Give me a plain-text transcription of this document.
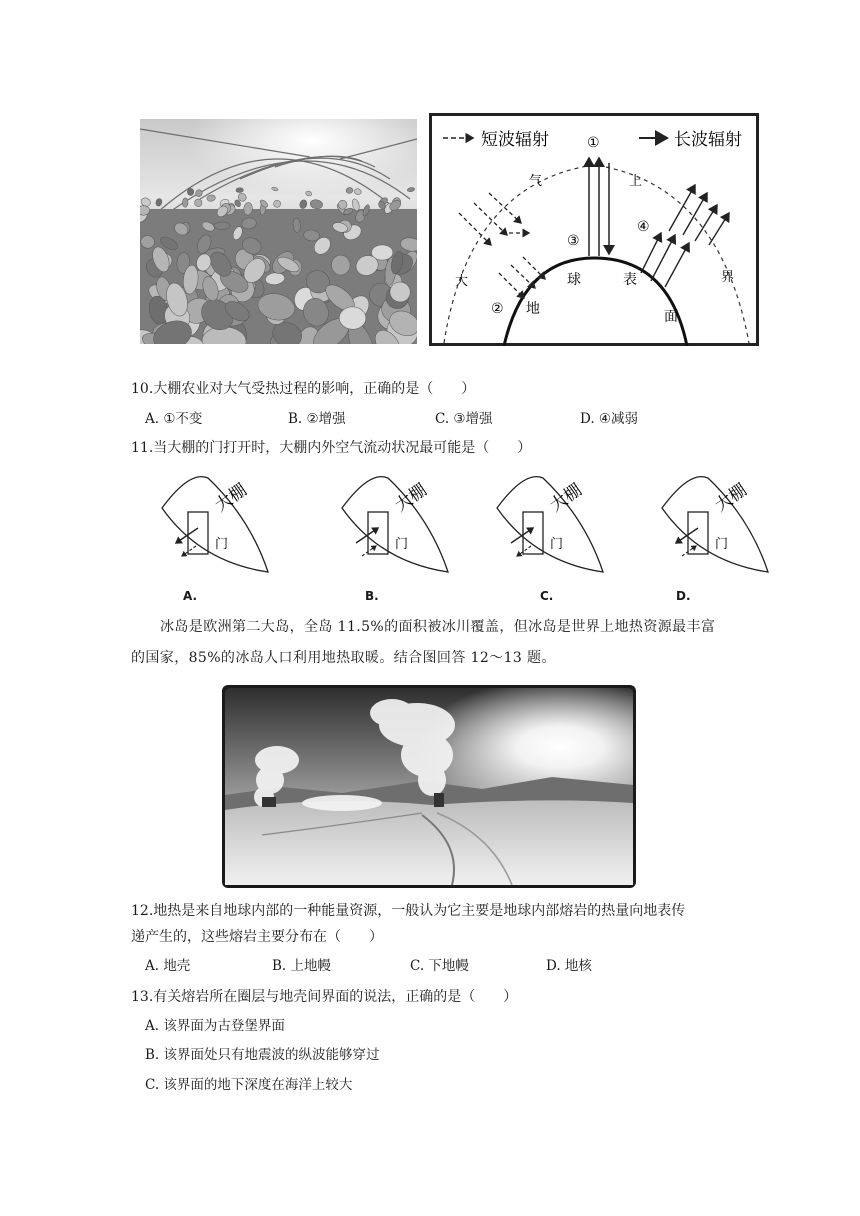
短波辐射	长波辐射
大
气	上
界
地
球	表
面
②
①
③
④
10.大棚农业对大气受热过程的影响，正确的是（　　）
A. ①不变	B. ②增强	C. ③增强	D. ④减弱
11.当大棚的门打开时，大棚内外空气流动状况最可能是（　　）
大棚
门
大棚
门
大棚
门
大棚
门
A.	B.	C.	D.
冰岛是欧洲第二大岛，全岛 11.5%的面积被冰川覆盖，但冰岛是世界上地热资源最丰富
的国家，85%的冰岛人口利用地热取暖。结合图回答 12～13 题。
12.地热是来自地球内部的一种能量资源，一般认为它主要是地球内部熔岩的热量向地表传
递产生的，这些熔岩主要分布在（　　）
A. 地壳	B. 上地幔	C. 下地幔	D. 地核
13.有关熔岩所在圈层与地壳间界面的说法，正确的是（　　）
A. 该界面为古登堡界面
B. 该界面处只有地震波的纵波能够穿过
C. 该界面的地下深度在海洋上较大
